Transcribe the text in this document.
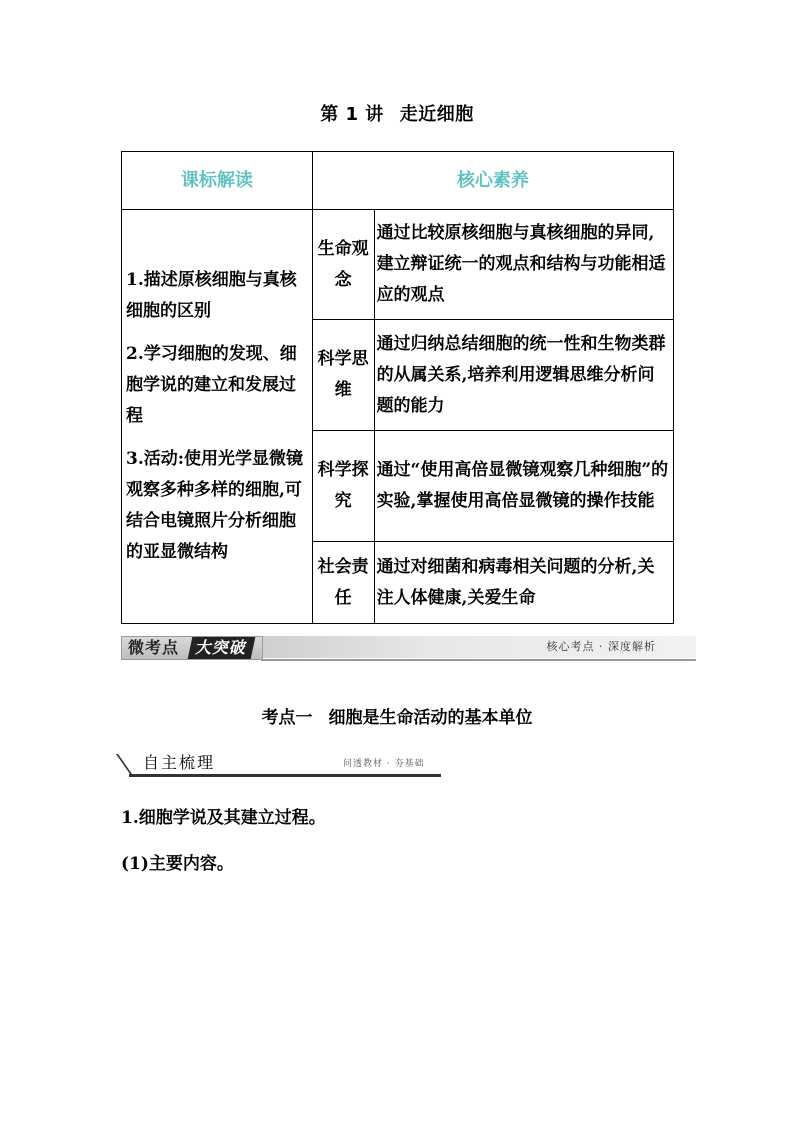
第 1 讲 走近细胞
课标解读	核心素养	

1.描述原核细胞与真核细胞的区别

2.学习细胞的发现、细胞学说的建立和发展过程

3.活动:使用光学显微镜观察多种多样的细胞,可结合电镜照片分析细胞的亚显微结构	生命观念	通过比较原核细胞与真核细胞的异同,建立辩证统一的观点和结构与功能相适应的观点
	科学思维	通过归纳总结细胞的统一性和生物类群的从属关系,培养利用逻辑思维分析问题的能力
	科学探究	通过“使用高倍显微镜观察几种细胞”的实验,掌握使用高倍显微镜的操作技能
	社会责任	通过对细菌和病毒相关问题的分析,关注人体健康,关爱生命
微考点 大突破	核心考点 · 深度解析
考点一 细胞是生命活动的基本单位
自主梳理	问透教材 · 夯基础
1.细胞学说及其建立过程。
(1)主要内容。
